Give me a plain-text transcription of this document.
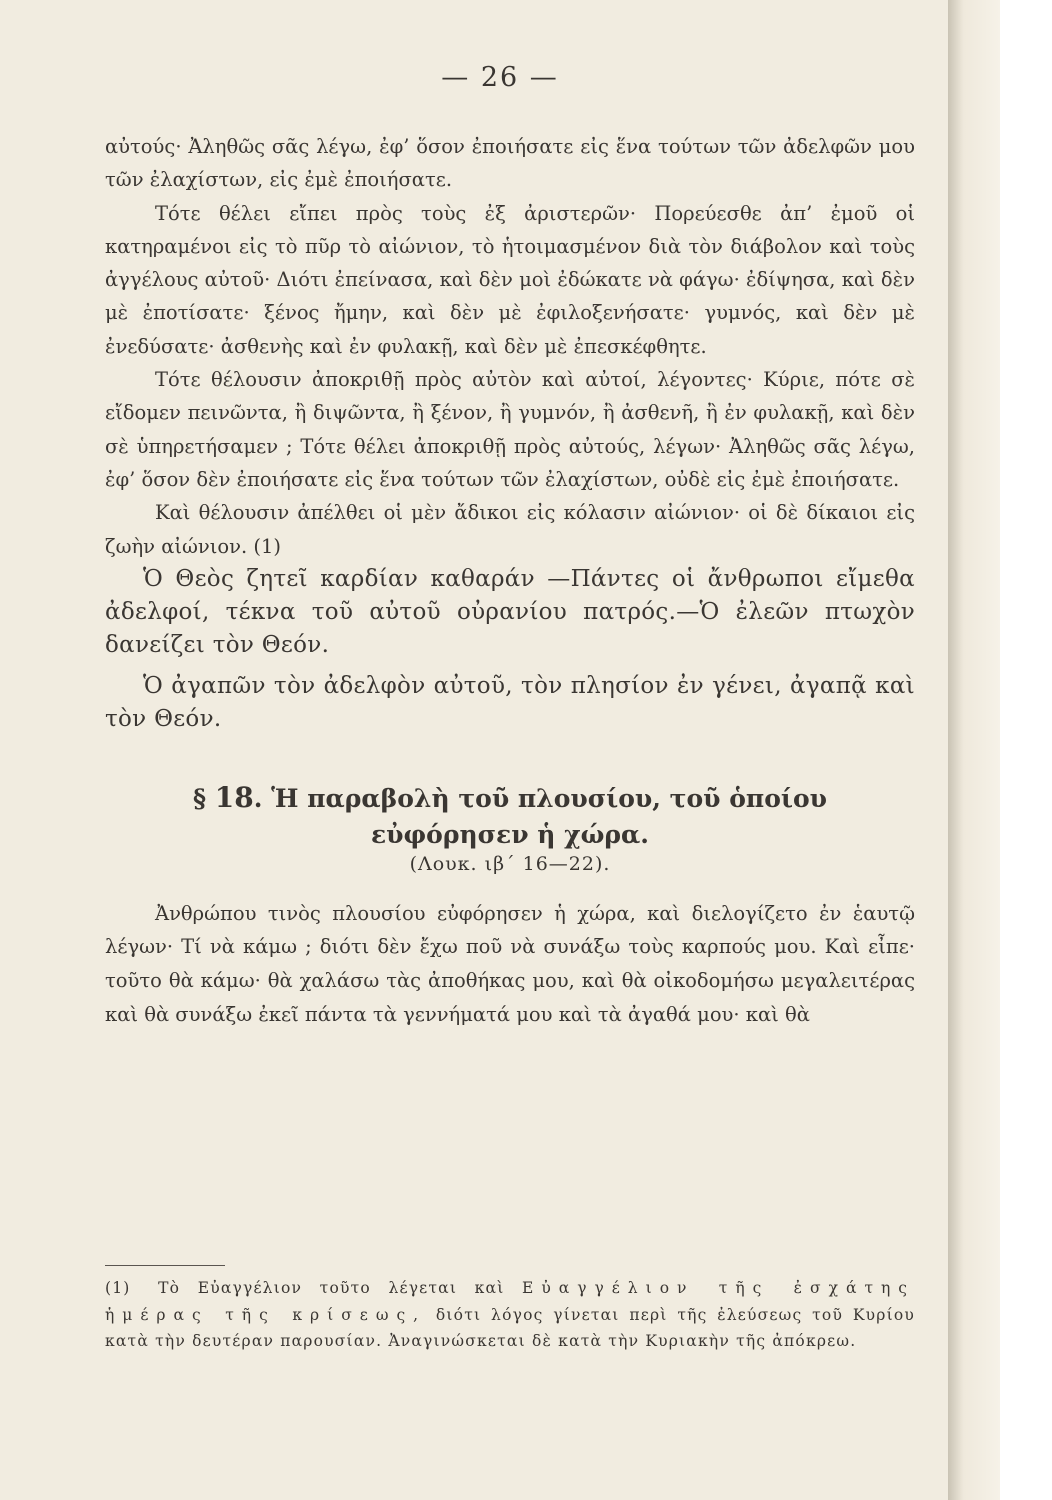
— 26 —

αὐτούς· Ἀληθῶς σᾶς λέγω, ἐφ’ ὅσον ἐποιήσατε εἰς ἕνα τούτων τῶν ἀδελφῶν μου τῶν ἐλαχίστων, εἰς ἐμὲ ἐποιήσατε.

Τότε θέλει εἴπει πρὸς τοὺς ἐξ ἀριστερῶν· Πορεύεσθε ἀπ’ ἐμοῦ οἱ κατηραμένοι εἰς τὸ πῦρ τὸ αἰώνιον, τὸ ἡτοιμασμένον διὰ τὸν διάβολον καὶ τοὺς ἀγγέλους αὐτοῦ· Διότι ἐπείνασα, καὶ δὲν μοὶ ἐδώκατε νὰ φάγω· ἐδίψησα, καὶ δὲν μὲ ἐποτίσατε· ξένος ἤμην, καὶ δὲν μὲ ἐφιλοξενήσατε· γυμνός, καὶ δὲν μὲ ἐνεδύσατε· ἀσθενὴς καὶ ἐν φυλακῇ, καὶ δὲν μὲ ἐπεσκέφθητε.

Τότε θέλουσιν ἀποκριθῇ πρὸς αὐτὸν καὶ αὐτοί, λέγοντες· Κύριε, πότε σὲ εἴδομεν πεινῶντα, ἢ διψῶντα, ἢ ξένον, ἢ γυμνόν, ἢ ἀσθενῆ, ἢ ἐν φυλακῇ, καὶ δὲν σὲ ὑπηρετήσαμεν ; Τότε θέλει ἀποκριθῇ πρὸς αὐτούς, λέγων· Ἀληθῶς σᾶς λέγω, ἐφ’ ὅσον δὲν ἐποιήσατε εἰς ἕνα τούτων τῶν ἐλαχίστων, οὐδὲ εἰς ἐμὲ ἐποιήσατε.

Καὶ θέλουσιν ἀπέλθει οἱ μὲν ἄδικοι εἰς κόλασιν αἰώνιον· οἱ δὲ δίκαιοι εἰς ζωὴν αἰώνιον. (1)

Ὁ Θεὸς ζητεῖ καρδίαν καθαράν —Πάντες οἱ ἄνθρωποι εἴμεθα ἀδελφοί, τέκνα τοῦ αὐτοῦ οὐρανίου πατρός.—Ὁ ἐλεῶν πτωχὸν δανείζει τὸν Θεόν.

Ὁ ἀγαπῶν τὸν ἀδελφὸν αὐτοῦ, τὸν πλησίον ἐν γένει, ἀγαπᾷ καὶ τὸν Θεόν.

§ 18. Ἡ παραβολὴ τοῦ πλουσίου, τοῦ ὁποίου

εὐφόρησεν ἡ χώρα.

(Λουκ. ιβ΄ 16—22).

Ἀνθρώπου τινὸς πλουσίου εὐφόρησεν ἡ χώρα, καὶ διελογίζετο ἐν ἑαυτῷ λέγων· Τί νὰ κάμω ; διότι δὲν ἔχω ποῦ νὰ συνάξω τοὺς καρπούς μου. Καὶ εἶπε· τοῦτο θὰ κάμω· θὰ χαλάσω τὰς ἀποθήκας μου, καὶ θὰ οἰκοδομήσω μεγαλειτέρας καὶ θὰ συνάξω ἐκεῖ πάντα τὰ γεννήματά μου καὶ τὰ ἀγαθά μου· καὶ θὰ

(1) Τὸ Εὐαγγέλιον τοῦτο λέγεται καὶ Εὐαγγέλιον τῆς ἐσχάτης ἡμέρας τῆς κρίσεως, διότι λόγος γίνεται περὶ τῆς ἐλεύσεως τοῦ Κυρίου κατὰ τὴν δευτέραν παρουσίαν. Ἀναγινώσκεται δὲ κατὰ τὴν Κυριακὴν τῆς ἀπόκρεω.
